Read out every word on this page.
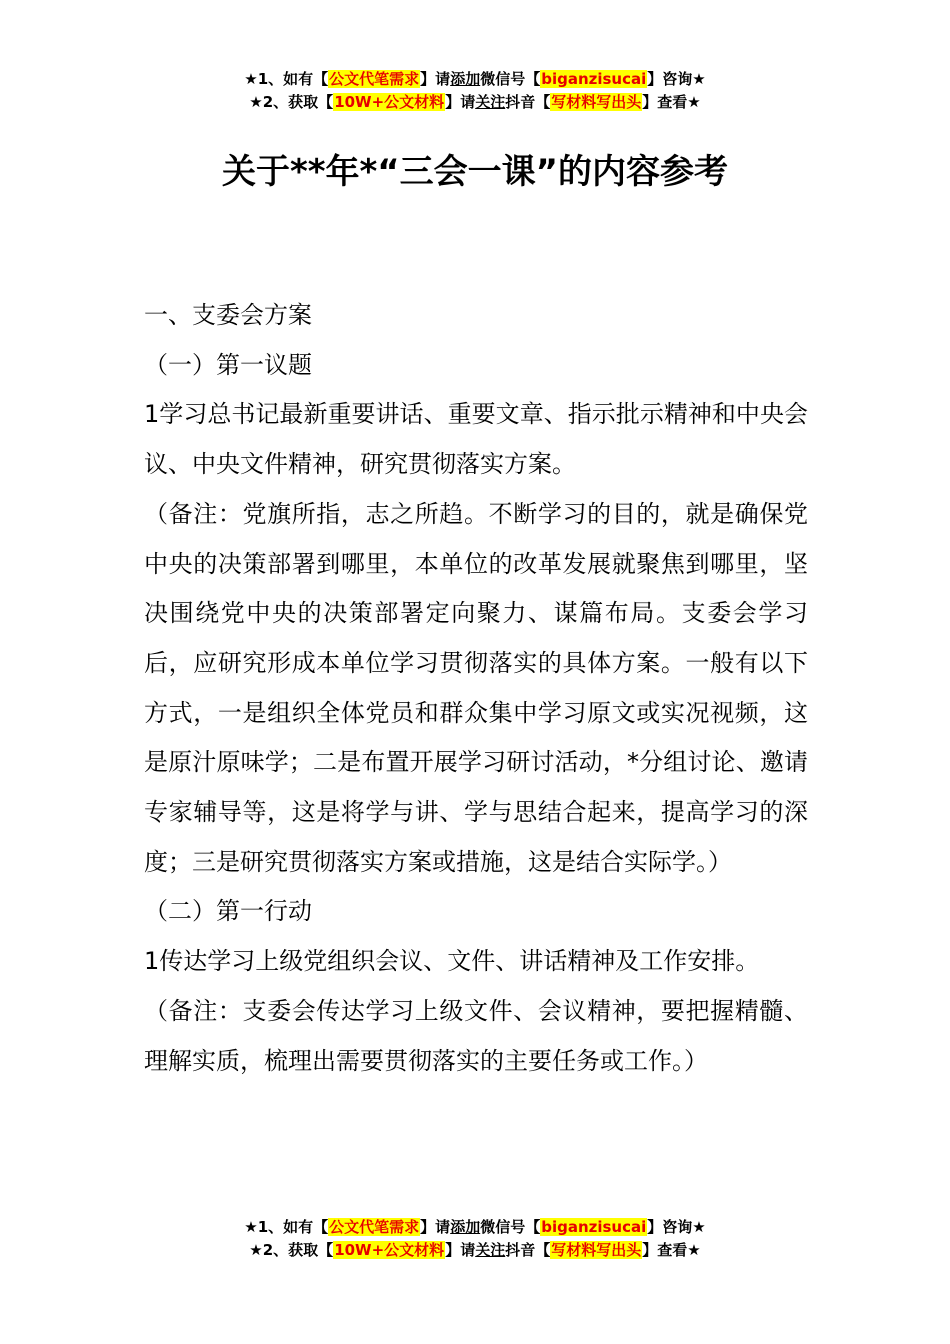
★1、如有【公文代笔需求】请添加微信号【biganzisucai】咨询★
★2、获取【10W+公文材料】请关注抖音【写材料写出头】查看★
关于**年*“三会一课”的内容参考

一、支委会方案

（一）第一议题

1学习总书记最新重要讲话、重要文章、指示批示精神和中央会议、中央文件精神，研究贯彻落实方案。

（备注：党旗所指，志之所趋。不断学习的目的，就是确保党中央的决策部署到哪里，本单位的改革发展就聚焦到哪里，坚决围绕党中央的决策部署定向聚力、谋篇布局。支委会学习后，应研究形成本单位学习贯彻落实的具体方案。一般有以下方式，一是组织全体党员和群众集中学习原文或实况视频，这是原汁原味学；二是布置开展学习研讨活动，*分组讨论、邀请专家辅导等，这是将学与讲、学与思结合起来，提高学习的深度；三是研究贯彻落实方案或措施，这是结合实际学。）

（二）第一行动

1传达学习上级党组织会议、文件、讲话精神及工作安排。

（备注：支委会传达学习上级文件、会议精神，要把握精髓、理解实质，梳理出需要贯彻落实的主要任务或工作。）

★1、如有【公文代笔需求】请添加微信号【biganzisucai】咨询★
★2、获取【10W+公文材料】请关注抖音【写材料写出头】查看★
